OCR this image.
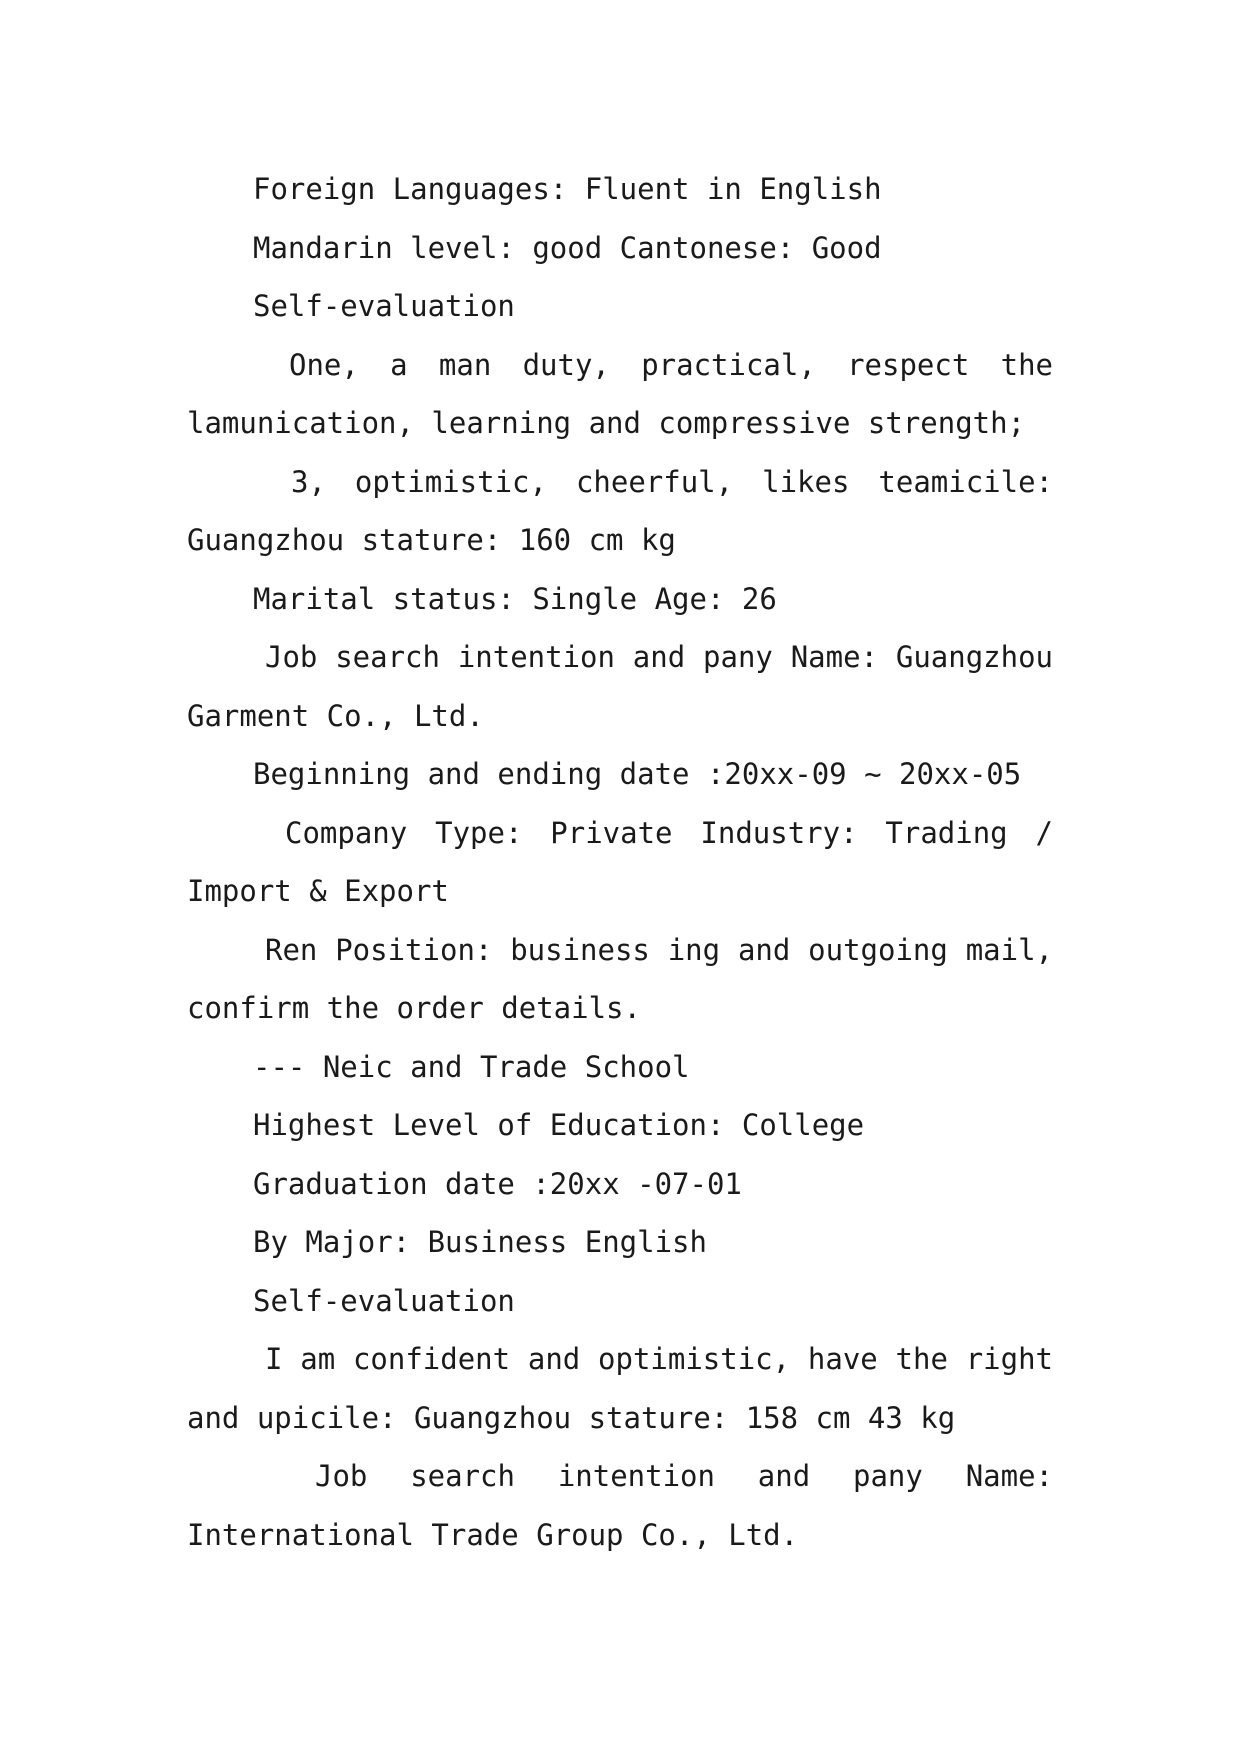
Foreign Languages: Fluent in English
Mandarin level: good Cantonese: Good
Self-evaluation
One, a man duty, practical, respect the
lamunication, learning and compressive strength;
3, optimistic, cheerful, likes teamicile:
Guangzhou stature: 160 cm kg
Marital status: Single Age: 26
Job search intention and pany Name: Guangzhou
Garment Co., Ltd.
Beginning and ending date :20xx-09 ~ 20xx-05
Company Type: Private Industry: Trading /
Import & Export
Ren Position: business ing and outgoing mail,
confirm the order details.
--- Neic and Trade School
Highest Level of Education: College
Graduation date :20xx -07-01
By Major: Business English
Self-evaluation
I am confident and optimistic, have the right
and upicile: Guangzhou stature: 158 cm 43 kg
Job search intention and pany Name:
International Trade Group Co., Ltd.
